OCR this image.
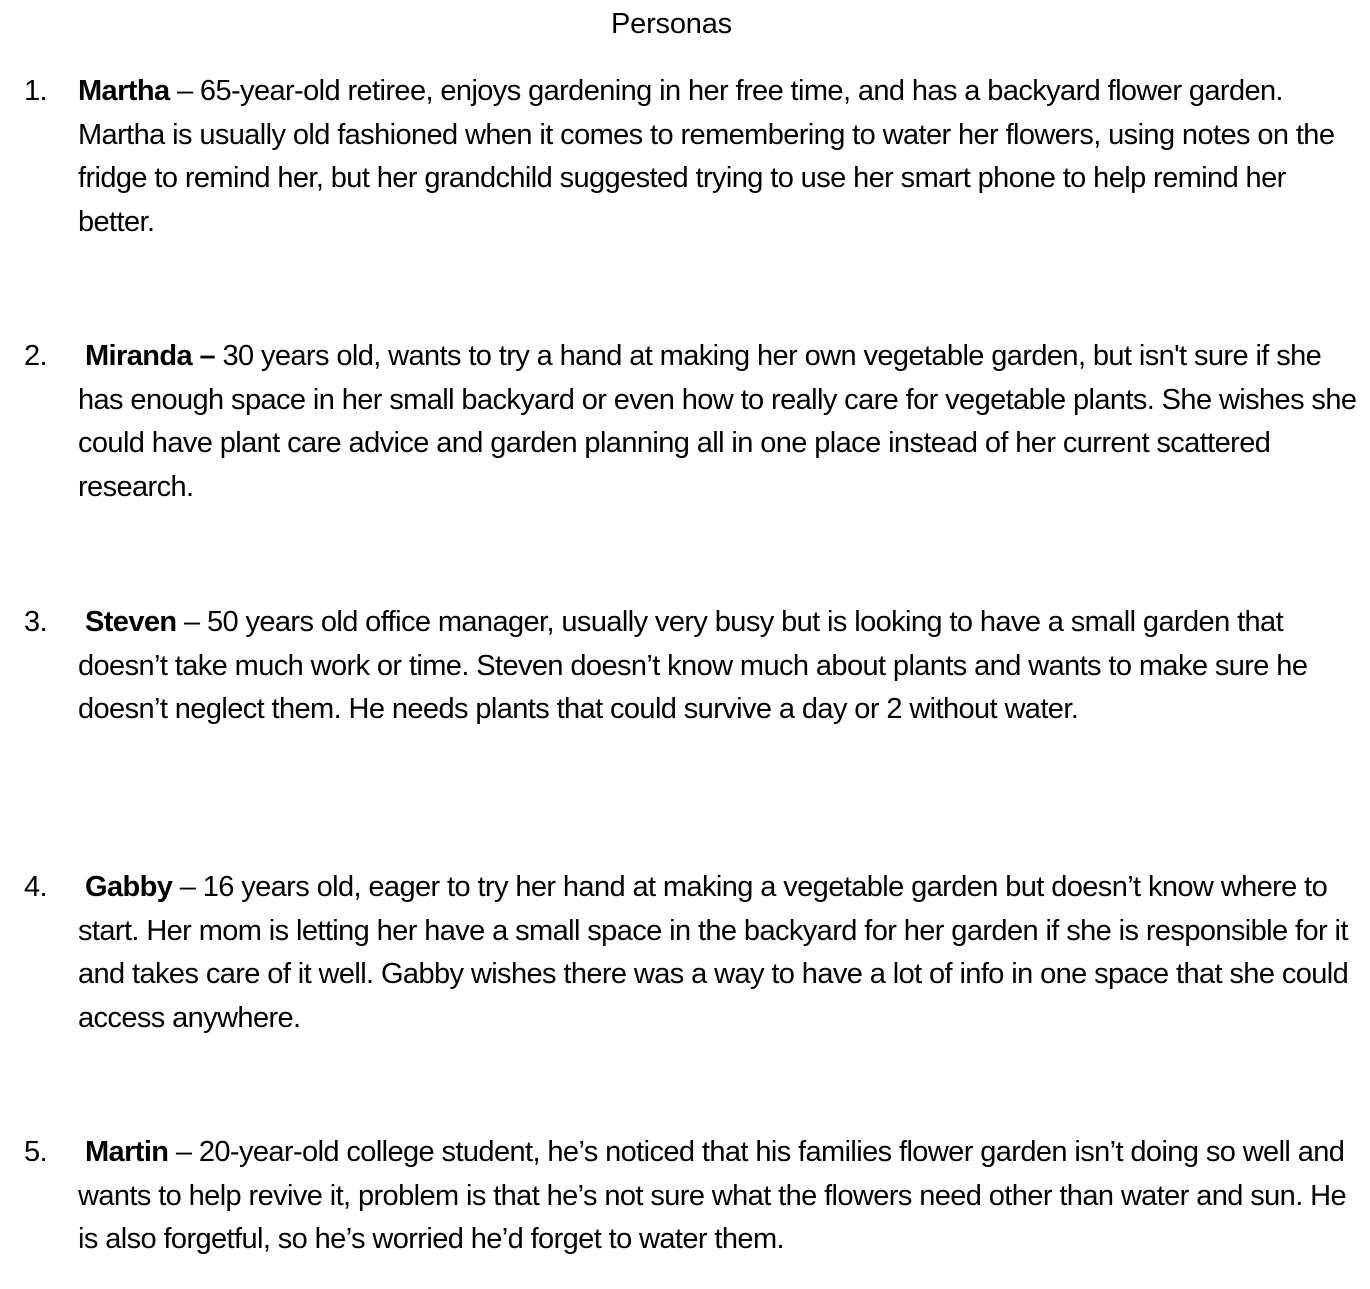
Personas
1. Martha – 65-year-old retiree, enjoys gardening in her free time, and has a backyard flower garden. Martha is usually old fashioned when it comes to remembering to water her flowers, using notes on the fridge to remind her, but her grandchild suggested trying to use her smart phone to help remind her better.
2. Miranda – 30 years old, wants to try a hand at making her own vegetable garden, but isn't sure if she has enough space in her small backyard or even how to really care for vegetable plants. She wishes she could have plant care advice and garden planning all in one place instead of her current scattered research.
3. Steven – 50 years old office manager, usually very busy but is looking to have a small garden that doesn’t take much work or time. Steven doesn’t know much about plants and wants to make sure he doesn’t neglect them. He needs plants that could survive a day or 2 without water.
4. Gabby – 16 years old, eager to try her hand at making a vegetable garden but doesn’t know where to start. Her mom is letting her have a small space in the backyard for her garden if she is responsible for it and takes care of it well. Gabby wishes there was a way to have a lot of info in one space that she could access anywhere.
5. Martin – 20-year-old college student, he’s noticed that his families flower garden isn’t doing so well and wants to help revive it, problem is that he’s not sure what the flowers need other than water and sun. He is also forgetful, so he’s worried he’d forget to water them.
